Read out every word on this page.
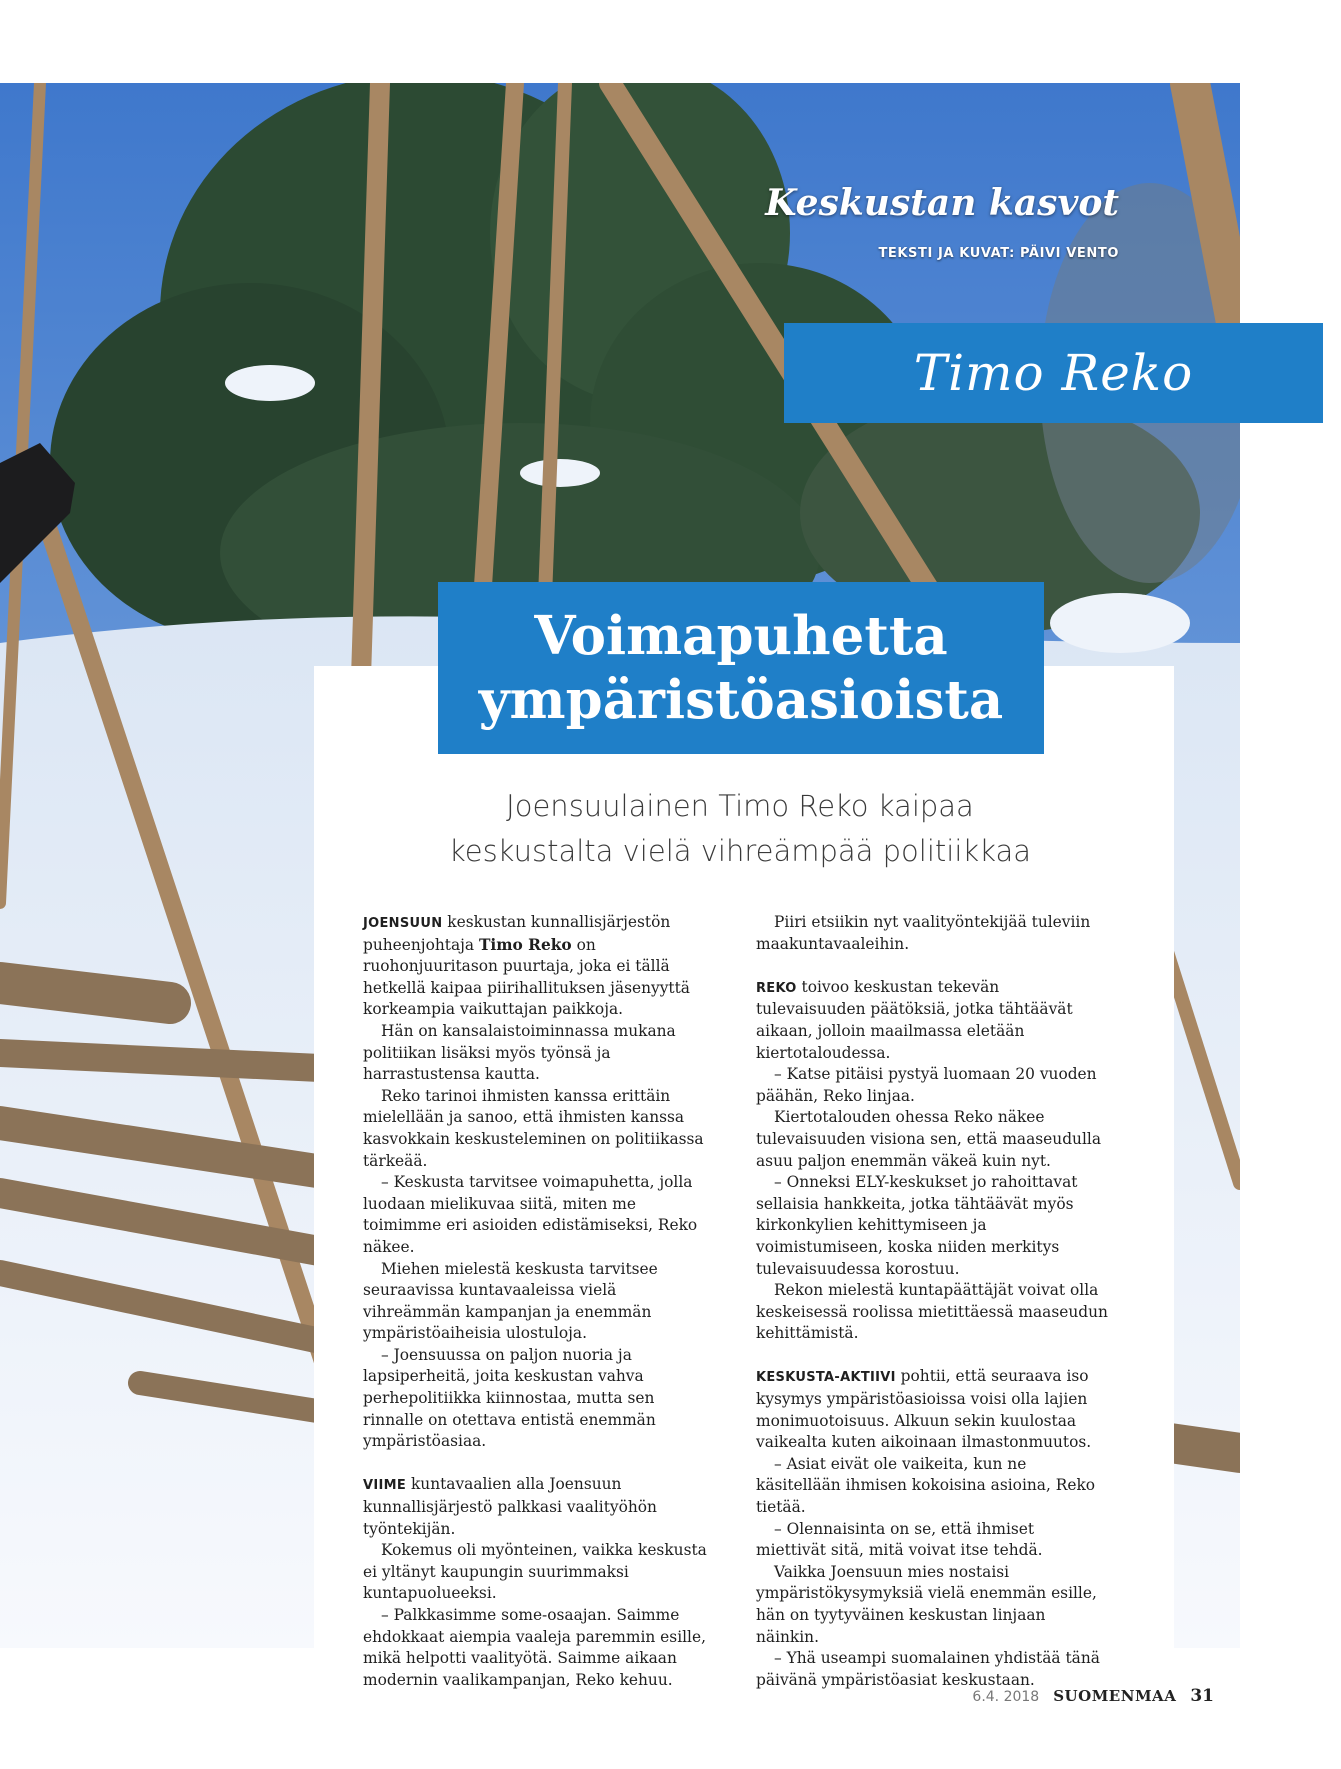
Keskustan kasvot
TEKSTI JA KUVAT: PÄIVI VENTO
Timo Reko
Voimapuhetta
ympäristöasioista
Joensuulainen Timo Reko kaipaa
keskustalta vielä vihreämpää politiikkaa

JOENSUUN keskustan kunnallisjärjestön puheenjohtaja Timo Reko on ruohonjuuritason puurtaja, joka ei tällä hetkellä kaipaa piirihallituksen jäsenyyttä korkeampia vaikuttajan paikkoja.

Hän on kansalaistoiminnassa mukana politiikan lisäksi myös työnsä ja harrastustensa kautta.

Reko tarinoi ihmisten kanssa erittäin mielellään ja sanoo, että ihmisten kanssa kasvokkain keskusteleminen on politiikassa tärkeää.

– Keskusta tarvitsee voimapuhetta, jolla luodaan mielikuvaa siitä, miten me toimimme eri asioiden edistämiseksi, Reko näkee.

Miehen mielestä keskusta tarvitsee seuraavissa kuntavaaleissa vielä vihreämmän kampanjan ja enemmän ympäristöaiheisia ulostuloja.

– Joensuussa on paljon nuoria ja lapsiperheitä, joita keskustan vahva perhepolitiikka kiinnostaa, mutta sen rinnalle on otettava entistä enemmän ympäristöasiaa.

VIIME kuntavaalien alla Joensuun kunnallisjärjestö palkkasi vaalityöhön työntekijän.

Kokemus oli myönteinen, vaikka keskusta ei yltänyt kaupungin suurimmaksi kuntapuolueeksi.

– Palkkasimme some-osaajan. Saimme ehdokkaat aiempia vaaleja paremmin esille, mikä helpotti vaalityötä. Saimme aikaan modernin vaalikampanjan, Reko kehuu.

Piiri etsiikin nyt vaalityöntekijää tuleviin maakuntavaaleihin.

REKO toivoo keskustan tekevän tulevaisuuden päätöksiä, jotka tähtäävät aikaan, jolloin maailmassa eletään kiertotaloudessa.

– Katse pitäisi pystyä luomaan 20 vuoden päähän, Reko linjaa.

Kiertotalouden ohessa Reko näkee tulevaisuuden visiona sen, että maaseudulla asuu paljon enemmän väkeä kuin nyt.

– Onneksi ELY-keskukset jo rahoittavat sellaisia hankkeita, jotka tähtäävät myös kirkonkylien kehittymiseen ja voimistumiseen, koska niiden merkitys tulevaisuudessa korostuu.

Rekon mielestä kuntapäättäjät voivat olla keskeisessä roolissa mietittäessä maaseudun kehittämistä.

KESKUSTA-AKTIIVI pohtii, että seuraava iso kysymys ympäristöasioissa voisi olla lajien monimuotoisuus. Alkuun sekin kuulostaa vaikealta kuten aikoinaan ilmastonmuutos.

– Asiat eivät ole vaikeita, kun ne käsitellään ihmisen kokoisina asioina, Reko tietää.

– Olennaisinta on se, että ihmiset miettivät sitä, mitä voivat itse tehdä.

Vaikka Joensuun mies nostaisi ympäristökysymyksiä vielä enemmän esille, hän on tyytyväinen keskustan linjaan näinkin.

– Yhä useampi suomalainen yhdistää tänä päivänä ympäristöasiat keskustaan.

6.4. 2018 SUOMENMAA 31
